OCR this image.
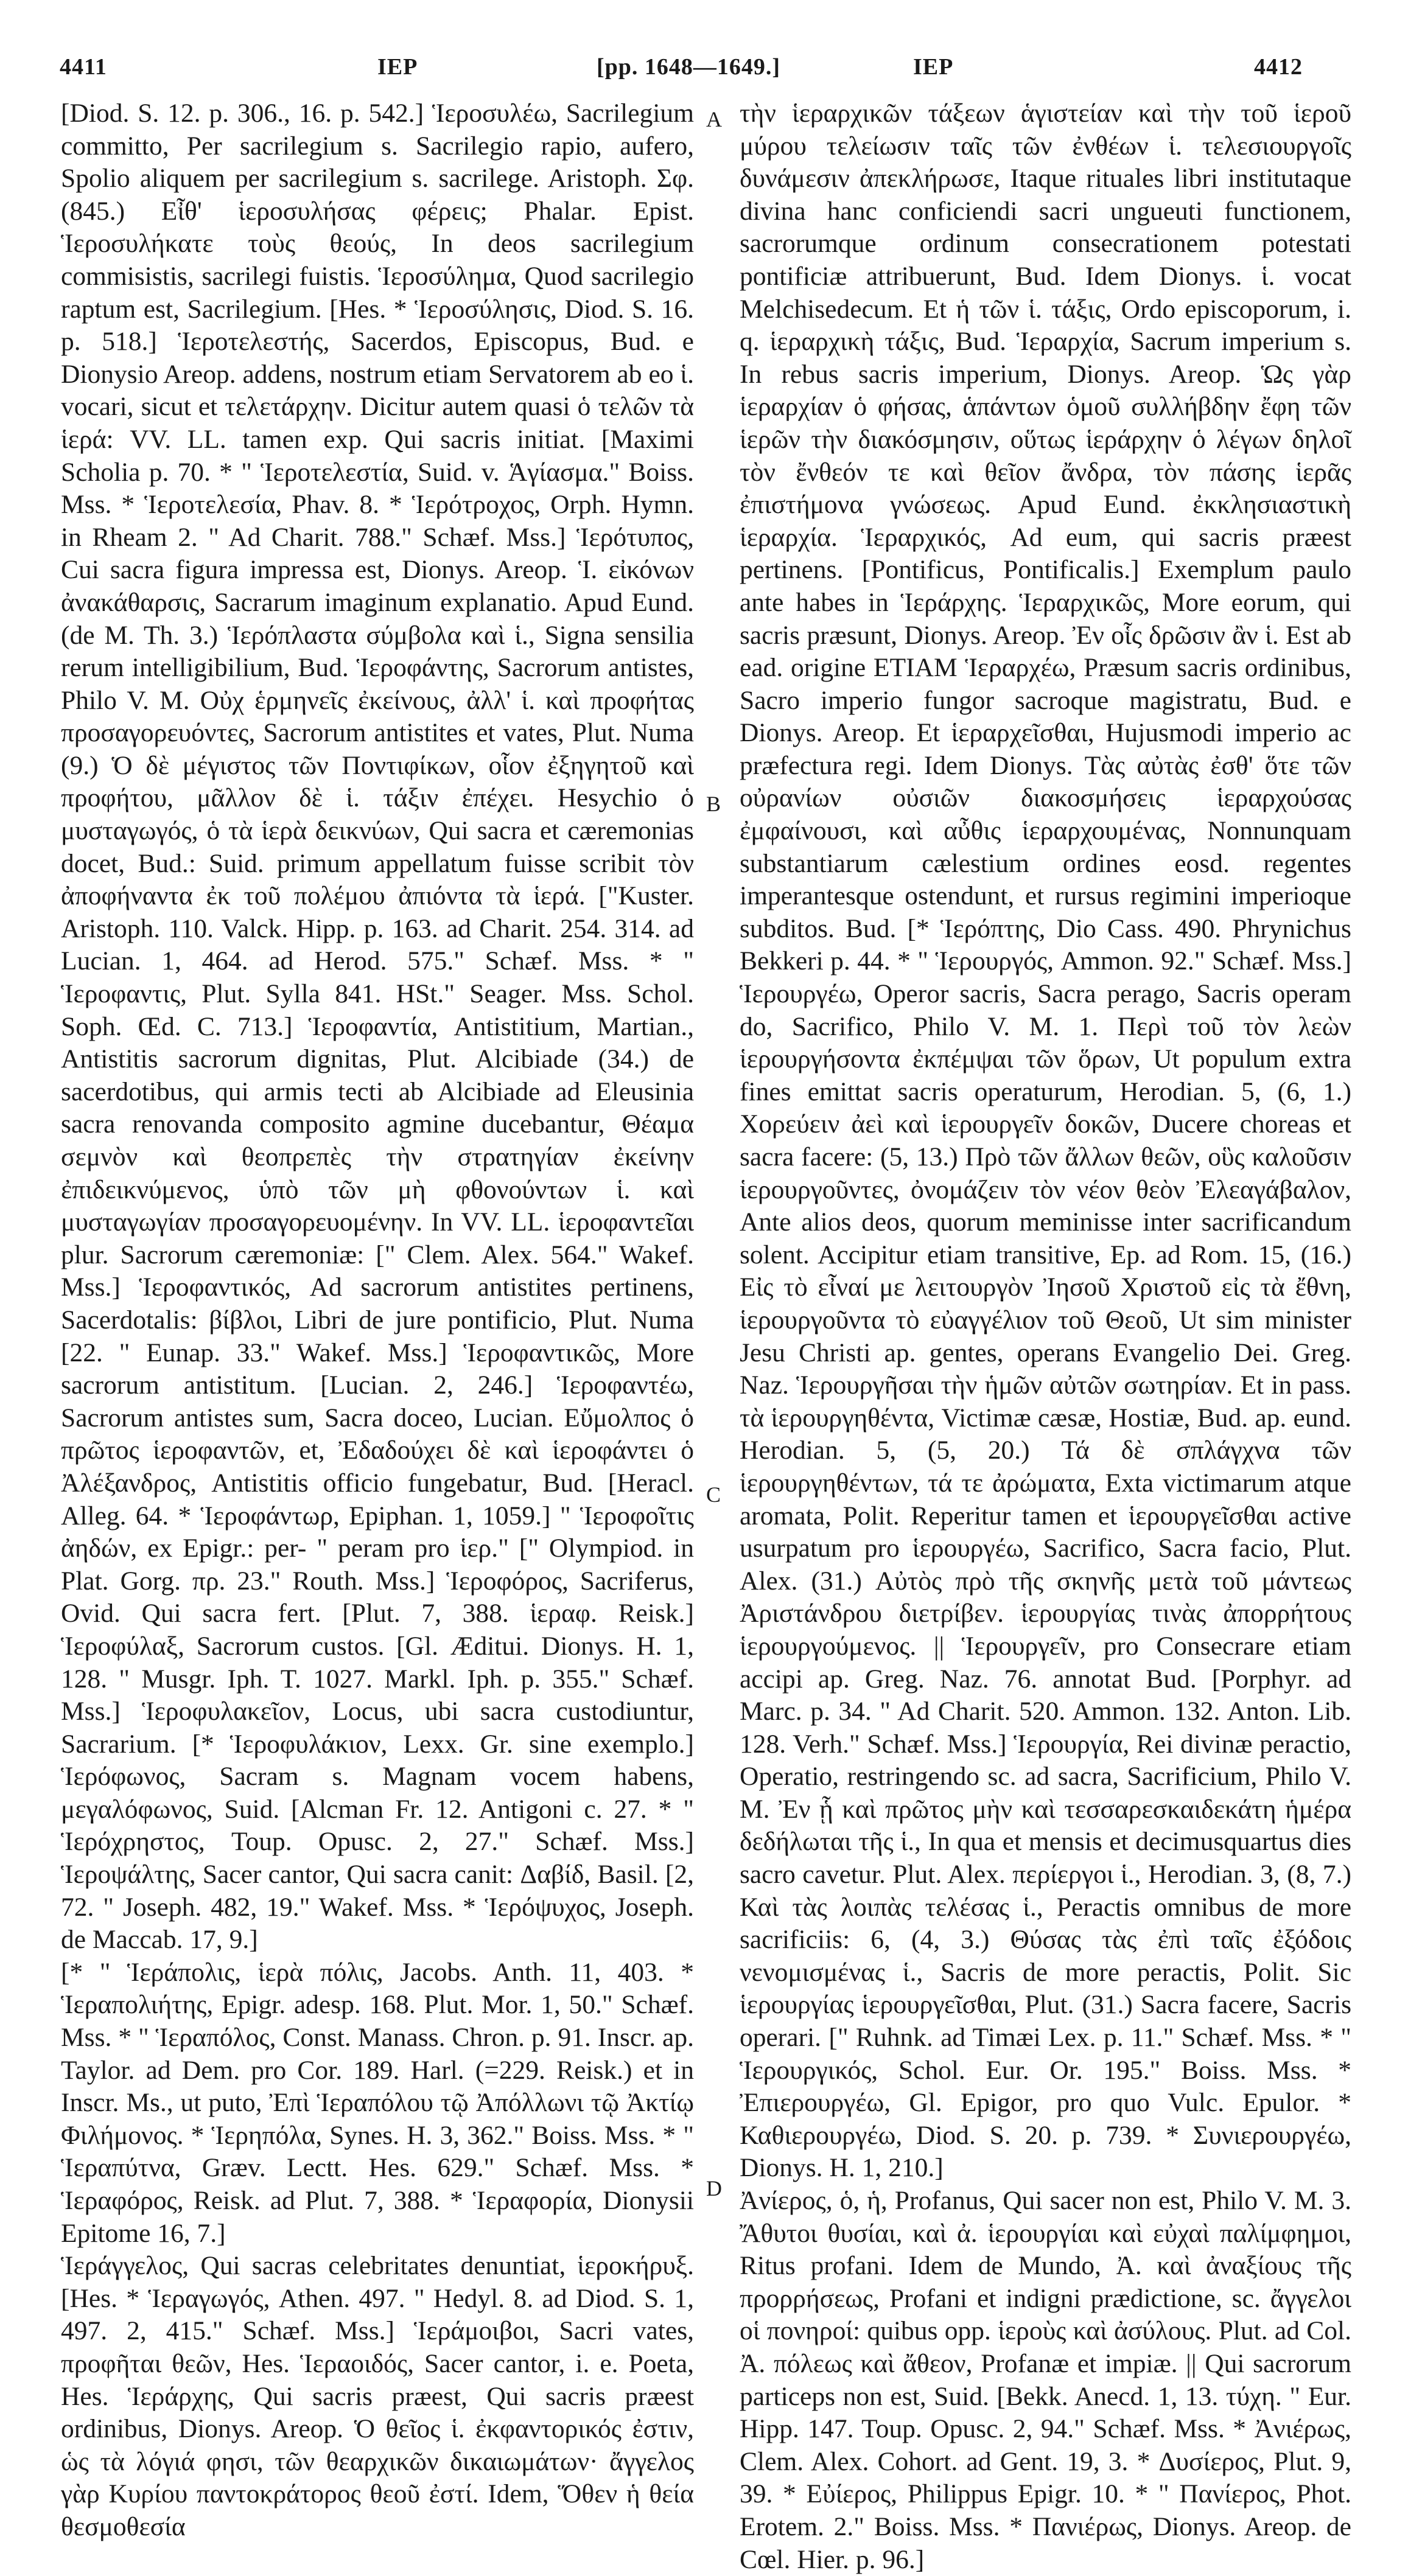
4411	IEP	[pp. 1648—1649.]	IEP	4412
A
B
C
D

[Diod. S. 12. p. 306., 16. p. 542.] Ἱεροσυλέω, Sacrilegium committo, Per sacrilegium s. Sacrilegio rapio, aufero, Spolio aliquem per sacrilegium s. sacrilege. Aristoph. Σφ. (845.) Εἶθ' ἱεροσυλήσας φέρεις; Phalar. Epist. Ἱεροσυλήκατε τοὺς θεούς, In deos sacrilegium commisistis, sacrilegi fuistis. Ἱεροσύλημα, Quod sacrilegio raptum est, Sacrilegium. [Hes. * Ἱεροσύλησις, Diod. S. 16. p. 518.] Ἱεροτελεστής, Sacerdos, Episcopus, Bud. e Dionysio Areop. addens, nostrum etiam Servatorem ab eo ἱ. vocari, sicut et τελετάρχην. Dicitur autem quasi ὁ τελῶν τὰ ἱερά: VV. LL. tamen exp. Qui sacris initiat. [Maximi Scholia p. 70. * " Ἱεροτελεστία, Suid. v. Ἁγίασμα." Boiss. Mss. * Ἱεροτελεσία, Phav. 8. * Ἱερότροχος, Orph. Hymn. in Rheam 2. " Ad Charit. 788." Schæf. Mss.] Ἱερότυπος, Cui sacra figura impressa est, Dionys. Areop. Ἱ. εἰκόνων ἀνακάθαρσις, Sacrarum imaginum explanatio. Apud Eund. (de M. Th. 3.) Ἱερόπλαστα σύμβολα καὶ ἱ., Signa sensilia rerum intelligibilium, Bud. Ἱεροφάντης, Sacrorum antistes, Philo V. M. Οὐχ ἑρμηνεῖς ἐκείνους, ἀλλ' ἱ. καὶ προφήτας προσαγορευόντες, Sacrorum antistites et vates, Plut. Numa (9.) Ὁ δὲ μέγιστος τῶν Ποντιφίκων, οἷον ἐξηγητοῦ καὶ προφήτου, μᾶλλον δὲ ἱ. τάξιν ἐπέχει. Hesychio ὁ μυσταγωγός, ὁ τὰ ἱερὰ δεικνύων, Qui sacra et cæremonias docet, Bud.: Suid. primum appellatum fuisse scribit τὸν ἀποφήναντα ἐκ τοῦ πολέμου ἀπιόντα τὰ ἱερά. ["Kuster. Aristoph. 110. Valck. Hipp. p. 163. ad Charit. 254. 314. ad Lucian. 1, 464. ad Herod. 575." Schæf. Mss. * " Ἱεροφαντις, Plut. Sylla 841. HSt." Seager. Mss. Schol. Soph. Œd. C. 713.] Ἱεροφαντία, Antistitium, Martian., Antistitis sacrorum dignitas, Plut. Alcibiade (34.) de sacerdotibus, qui armis tecti ab Alcibiade ad Eleusinia sacra renovanda composito agmine ducebantur, Θέαμα σεμνὸν καὶ θεοπρεπὲς τὴν στρατηγίαν ἐκείνην ἐπιδεικνύμενος, ὑπὸ τῶν μὴ φθονούντων ἱ. καὶ μυσταγωγίαν προσαγορευομένην. In VV. LL. ἱεροφαντεῖαι plur. Sacrorum cæremoniæ: [" Clem. Alex. 564." Wakef. Mss.] Ἱεροφαντικός, Ad sacrorum antistites pertinens, Sacerdotalis: βίβλοι, Libri de jure pontificio, Plut. Numa [22. " Eunap. 33." Wakef. Mss.] Ἱεροφαντικῶς, More sacrorum antistitum. [Lucian. 2, 246.] Ἱεροφαντέω, Sacrorum antistes sum, Sacra doceo, Lucian. Εὔμολπος ὁ πρῶτος ἱεροφαντῶν, et, Ἐδαδούχει δὲ καὶ ἱεροφάντει ὁ Ἀλέξανδρος, Antistitis officio fungebatur, Bud. [Heracl. Alleg. 64. * Ἱεροφάντωρ, Epiphan. 1, 1059.] " Ἱεροφοῖτις ἀηδών, ex Epigr.: per- " peram pro ἱερ." [" Olympiod. in Plat. Gorg. πρ. 23." Routh. Mss.] Ἱεροφόρος, Sacriferus, Ovid. Qui sacra fert. [Plut. 7, 388. ἱεραφ. Reisk.] Ἱεροφύλαξ, Sacrorum custos. [Gl. Æditui. Dionys. H. 1, 128. " Musgr. Iph. T. 1027. Markl. Iph. p. 355." Schæf. Mss.] Ἱεροφυλακεῖον, Locus, ubi sacra custodiuntur, Sacrarium. [* Ἱεροφυλάκιον, Lexx. Gr. sine exemplo.] Ἱερόφωνος, Sacram s. Magnam vocem habens, μεγαλόφωνος, Suid. [Alcman Fr. 12. Antigoni c. 27. * " Ἱερόχρηστος, Toup. Opusc. 2, 27." Schæf. Mss.] Ἱεροψάλτης, Sacer cantor, Qui sacra canit: Δαβίδ, Basil. [2, 72. " Joseph. 482, 19." Wakef. Mss. * Ἱερόψυχος, Joseph. de Maccab. 17, 9.]

[* " Ἱεράπολις, ἱερὰ πόλις, Jacobs. Anth. 11, 403. * Ἱεραπολιήτης, Epigr. adesp. 168. Plut. Mor. 1, 50." Schæf. Mss. * " Ἱεραπόλος, Const. Manass. Chron. p. 91. Inscr. ap. Taylor. ad Dem. pro Cor. 189. Harl. (=229. Reisk.) et in Inscr. Ms., ut puto, Ἐπὶ Ἱεραπόλου τῷ Ἀπόλλωνι τῷ Ἀκτίῳ Φιλήμονος. * Ἱερηπόλα, Synes. H. 3, 362." Boiss. Mss. * " Ἱεραπύτνα, Græv. Lectt. Hes. 629." Schæf. Mss. * Ἱεραφόρος, Reisk. ad Plut. 7, 388. * Ἱεραφορία, Dionysii Epitome 16, 7.]

Ἱεράγγελος, Qui sacras celebritates denuntiat, ἱεροκήρυξ. [Hes. * Ἱεραγωγός, Athen. 497. " Hedyl. 8. ad Diod. S. 1, 497. 2, 415." Schæf. Mss.] Ἱεράμοιβοι, Sacri vates, προφῆται θεῶν, Hes. Ἱεραοιδός, Sacer cantor, i. e. Poeta, Hes. Ἱεράρχης, Qui sacris præest, Qui sacris præest ordinibus, Dionys. Areop. Ὁ θεῖος ἱ. ἐκφαντορικός ἐστιν, ὡς τὰ λόγιά φησι, τῶν θεαρχικῶν δικαιωμάτων· ἄγγελος γὰρ Κυρίου παντοκράτορος θεοῦ ἐστί. Idem, Ὅθεν ἡ θεία θεσμοθεσία

τὴν ἱεραρχικῶν τάξεων ἁγιστείαν καὶ τὴν τοῦ ἱεροῦ μύρου τελείωσιν ταῖς τῶν ἐνθέων ἱ. τελεσιουργοῖς δυνάμεσιν ἀπεκλήρωσε, Itaque rituales libri institutaque divina hanc conficiendi sacri ungueuti functionem, sacrorumque ordinum consecrationem potestati pontificiæ attribuerunt, Bud. Idem Dionys. ἱ. vocat Melchisedecum. Et ἡ τῶν ἱ. τάξις, Ordo episcoporum, i. q. ἱεραρχικὴ τάξις, Bud. Ἱεραρχία, Sacrum imperium s. In rebus sacris imperium, Dionys. Areop. Ὡς γὰρ ἱεραρχίαν ὁ φήσας, ἁπάντων ὁμοῦ συλλήβδην ἔφη τῶν ἱερῶν τὴν διακόσμησιν, οὕτως ἱεράρχην ὁ λέγων δηλοῖ τὸν ἔνθεόν τε καὶ θεῖον ἄνδρα, τὸν πάσης ἱερᾶς ἐπιστήμονα γνώσεως. Apud Eund. ἐκκλησιαστικὴ ἱεραρχία. Ἱεραρχικός, Ad eum, qui sacris præest pertinens. [Pontificus, Pontificalis.] Exemplum paulo ante habes in Ἱεράρχης. Ἱεραρχικῶς, More eorum, qui sacris præsunt, Dionys. Areop. Ἐν οἷς δρῶσιν ἂν ἱ. Est ab ead. origine ETIAM Ἱεραρχέω, Præsum sacris ordinibus, Sacro imperio fungor sacroque magistratu, Bud. e Dionys. Areop. Et ἱεραρχεῖσθαι, Hujusmodi imperio ac præfectura regi. Idem Dionys. Τὰς αὐτὰς ἐσθ' ὅτε τῶν οὐρανίων οὐσιῶν διακοσμήσεις ἱεραρχούσας ἐμφαίνουσι, καὶ αὖθις ἱεραρχουμένας, Nonnunquam substantiarum cælestium ordines eosd. regentes imperantesque ostendunt, et rursus regimini imperioque subditos. Bud. [* Ἱερόπτης, Dio Cass. 490. Phrynichus Bekkeri p. 44. * " Ἱερουργός, Ammon. 92." Schæf. Mss.] Ἱερουργέω, Operor sacris, Sacra perago, Sacris operam do, Sacrifico, Philo V. M. 1. Περὶ τοῦ τὸν λεὼν ἱερουργήσοντα ἐκπέμψαι τῶν ὅρων, Ut populum extra fines emittat sacris operaturum, Herodian. 5, (6, 1.) Χορεύειν ἀεὶ καὶ ἱερουργεῖν δοκῶν, Ducere choreas et sacra facere: (5, 13.) Πρὸ τῶν ἄλλων θεῶν, οὓς καλοῦσιν ἱερουργοῦντες, ὀνομάζειν τὸν νέον θεὸν Ἐλεαγάβαλον, Ante alios deos, quorum meminisse inter sacrificandum solent. Accipitur etiam transitive, Ep. ad Rom. 15, (16.) Εἰς τὸ εἶναί με λειτουργὸν Ἰησοῦ Χριστοῦ εἰς τὰ ἔθνη, ἱερουργοῦντα τὸ εὐαγγέλιον τοῦ Θεοῦ, Ut sim minister Jesu Christi ap. gentes, operans Evangelio Dei. Greg. Naz. Ἱερουργῆσαι τὴν ἡμῶν αὐτῶν σωτηρίαν. Et in pass. τὰ ἱερουργηθέντα, Victimæ cæsæ, Hostiæ, Bud. ap. eund. Herodian. 5, (5, 20.) Τά δὲ σπλάγχνα τῶν ἱερουργηθέντων, τά τε ἀρώματα, Exta victimarum atque aromata, Polit. Reperitur tamen et ἱερουργεῖσθαι active usurpatum pro ἱερουργέω, Sacrifico, Sacra facio, Plut. Alex. (31.) Αὐτὸς πρὸ τῆς σκηνῆς μετὰ τοῦ μάντεως Ἀριστάνδρου διετρίβεν. ἱερουργίας τινὰς ἀπορρήτους ἱερουργούμενος. || Ἱερουργεῖν, pro Consecrare etiam accipi ap. Greg. Naz. 76. annotat Bud. [Porphyr. ad Marc. p. 34. " Ad Charit. 520. Ammon. 132. Anton. Lib. 128. Verh." Schæf. Mss.] Ἱερουργία, Rei divinæ peractio, Operatio, restringendo sc. ad sacra, Sacrificium, Philo V. M. Ἐν ᾗ καὶ πρῶτος μὴν καὶ τεσσαρεσκαιδεκάτη ἡμέρα δεδήλωται τῆς ἱ., In qua et mensis et decimusquartus dies sacro cavetur. Plut. Alex. περίεργοι ἱ., Herodian. 3, (8, 7.) Καὶ τὰς λοιπὰς τελέσας ἱ., Peractis omnibus de more sacrificiis: 6, (4, 3.) Θύσας τὰς ἐπὶ ταῖς ἐξόδοις νενομισμένας ἱ., Sacris de more peractis, Polit. Sic ἱερουργίας ἱερουργεῖσθαι, Plut. (31.) Sacra facere, Sacris operari. [" Ruhnk. ad Timæi Lex. p. 11." Schæf. Mss. * " Ἱερουργικός, Schol. Eur. Or. 195." Boiss. Mss. * Ἐπιερουργέω, Gl. Epigor, pro quo Vulc. Epulor. * Καθιερουργέω, Diod. S. 20. p. 739. * Συνιερουργέω, Dionys. H. 1, 210.]

Ἀνίερος, ὁ, ἡ, Profanus, Qui sacer non est, Philo V. M. 3. Ἄθυτοι θυσίαι, καὶ ἀ. ἱερουργίαι καὶ εὐχαὶ παλίμφημοι, Ritus profani. Idem de Mundo, Ἀ. καὶ ἀναξίους τῆς προρρήσεως, Profani et indigni prædictione, sc. ἄγγελοι οἱ πονηροί: quibus opp. ἱεροὺς καὶ ἀσύλους. Plut. ad Col. Ἀ. πόλεως καὶ ἄθεον, Profanæ et impiæ. || Qui sacrorum particeps non est, Suid. [Bekk. Anecd. 1, 13. τύχη. " Eur. Hipp. 147. Toup. Opusc. 2, 94." Schæf. Mss. * Ἀνιέρως, Clem. Alex. Cohort. ad Gent. 19, 3. * Δυσίερος, Plut. 9, 39. * Εὐίερος, Philippus Epigr. 10. * " Πανίερος, Phot. Erotem. 2." Boiss. Mss. * Πανιέρως, Dionys. Areop. de Cœl. Hier. p. 96.]
